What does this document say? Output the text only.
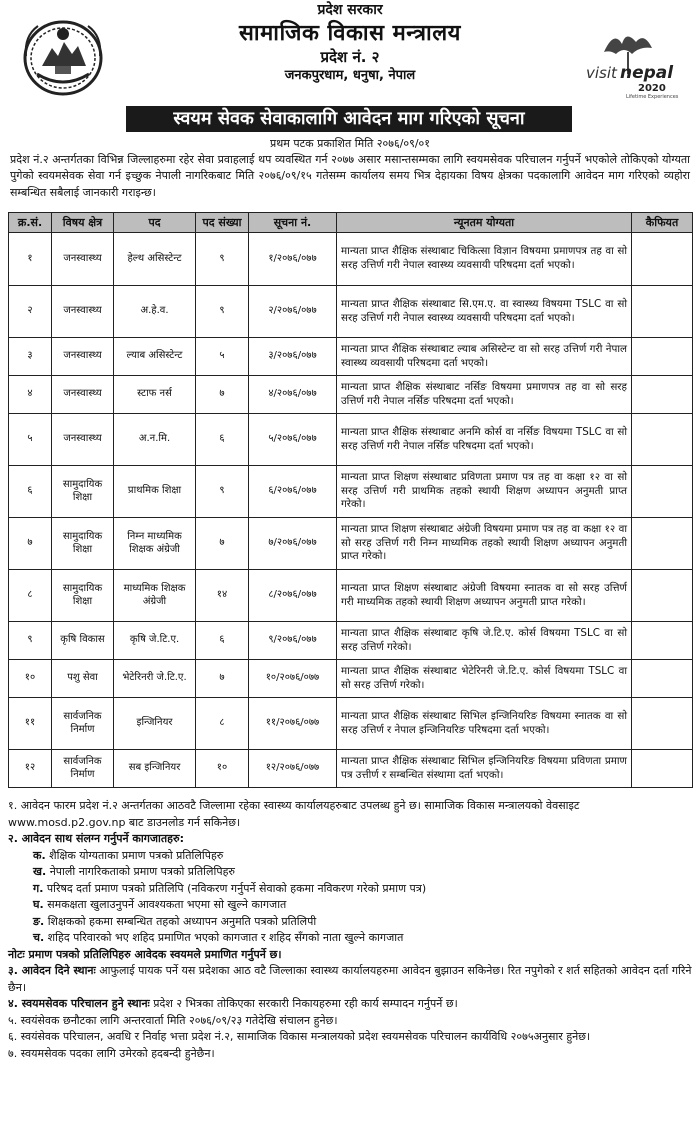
प्रदेश सरकार
सामाजिक विकास मन्त्रालय
प्रदेश नं. २
जनकपुरधाम, धनुषा, नेपाल	visit nepal
2020
Lifetime Experiences
स्वयम सेवक सेवाकालागि आवेदन माग गरिएको सूचना
प्रथम पटक प्रकाशित मिति २०७६/०९/०१

प्रदेश नं.२ अन्तर्गतका विभिन्न जिल्लाहरुमा रहेर सेवा प्रवाहलाई थप व्यवस्थित गर्न २०७७ असार मसान्तसम्मका लागि स्वयमसेवक परिचालन गर्नुपर्ने भएकोले तोकिएको योग्यता पुगेको स्वयमसेवक सेवा गर्न इच्छुक नेपाली नागरिकबाट मिति २०७६/०९/१५ गतेसम्म कार्यालय समय भित्र देहायका विषय क्षेत्रका पदकालागि आवेदन माग गरिएको व्यहोरा सम्बन्धित सबैलाई जानकारी गराइन्छ।

क्र.सं.	विषय क्षेत्र	पद	पद संख्या	सूचना नं.	न्यूनतम योग्यता	कैफियत
१	जनस्वास्थ्य	हेल्थ असिस्टेन्ट	९	१/२०७६/०७७	मान्यता प्राप्त शैक्षिक संस्थाबाट चिकित्सा विज्ञान विषयमा प्रमाणपत्र तह वा सो सरह उत्तिर्ण गरी नेपाल स्वास्थ्य व्यवसायी परिषदमा दर्ता भएको।	
२	जनस्वास्थ्य	अ.हे.व.	९	२/२०७६/०७७	मान्यता प्राप्त शैक्षिक संस्थाबाट सि.एम.ए. वा स्वास्थ्य विषयमा TSLC वा सो सरह उत्तिर्ण गरी नेपाल स्वास्थ्य व्यवसायी परिषदमा दर्ता भएको।	
३	जनस्वास्थ्य	ल्याब असिस्टेन्ट	५	३/२०७६/०७७	मान्यता प्राप्त शैक्षिक संस्थाबाट ल्याब असिस्टेन्ट वा सो सरह उत्तिर्ण गरी नेपाल स्वास्थ्य व्यवसायी परिषदमा दर्ता भएको।	
४	जनस्वास्थ्य	स्टाफ नर्स	७	४/२०७६/०७७	मान्यता प्राप्त शैक्षिक संस्थाबाट नर्सिङ विषयमा प्रमाणपत्र तह वा सो सरह उत्तिर्ण गरी नेपाल नर्सिङ परिषदमा दर्ता भएको।	
५	जनस्वास्थ्य	अ.न.मि.	६	५/२०७६/०७७	मान्यता प्राप्त शैक्षिक संस्थाबाट अनमि कोर्स वा नर्सिङ विषयमा TSLC वा सो सरह उत्तिर्ण गरी नेपाल नर्सिङ परिषदमा दर्ता भएको।	
६	सामुदायिक शिक्षा	प्राथमिक शिक्षा	९	६/२०७६/०७७	मान्यता प्राप्त शिक्षण संस्थाबाट प्रविणता प्रमाण पत्र तह वा कक्षा १२ वा सो सरह उत्तिर्ण गरी प्राथमिक तहको स्थायी शिक्षण अध्यापन अनुमती प्राप्त गरेको।	
७	सामुदायिक शिक्षा	निम्न माध्यमिक शिक्षक अंग्रेजी	७	७/२०७६/०७७	मान्यता प्राप्त शिक्षण संस्थाबाट अंग्रेजी विषयमा प्रमाण पत्र तह वा कक्षा १२ वा सो सरह उत्तिर्ण गरी निम्न माध्यमिक तहको स्थायी शिक्षण अध्यापन अनुमती प्राप्त गरेको।	
८	सामुदायिक शिक्षा	माध्यमिक शिक्षक अंग्रेजी	१४	८/२०७६/०७७	मान्यता प्राप्त शिक्षण संस्थाबाट अंग्रेजी विषयमा स्नातक वा सो सरह उत्तिर्ण गरी माध्यमिक तहको स्थायी शिक्षण अध्यापन अनुमती प्राप्त गरेको।	
९	कृषि विकास	कृषि जे.टि.ए.	६	९/२०७६/०७७	मान्यता प्राप्त शैक्षिक संस्थाबाट कृषि जे.टि.ए. कोर्स विषयमा TSLC वा सो सरह उत्तिर्ण गरेको।	
१०	पशु सेवा	भेटेरिनरी जे.टि.ए.	७	१०/२०७६/०७७	मान्यता प्राप्त शैक्षिक संस्थाबाट भेटेरिनरी जे.टि.ए. कोर्स विषयमा TSLC वा सो सरह उत्तिर्ण गरेको।	
११	सार्वजनिक निर्माण	इन्जिनियर	८	११/२०७६/०७७	मान्यता प्राप्त शैक्षिक संस्थाबाट सिभिल इन्जिनियरिङ विषयमा स्नातक वा सो सरह उत्तिर्ण र नेपाल इन्जिनियरिङ परिषदमा दर्ता भएको।	
१२	सार्वजनिक निर्माण	सब इन्जिनियर	१०	१२/२०७६/०७७	मान्यता प्राप्त शैक्षिक संस्थाबाट सिभिल इन्जिनियरिङ विषयमा प्रविणता प्रमाण पत्र उत्तीर्ण र सम्बन्धित संस्थामा दर्ता भएको।	
१. आवेदन फारम प्रदेश नं.२ अन्तर्गतका आठवटै जिल्लामा रहेका स्वास्थ्य कार्यालयहरुबाट उपलब्ध हुने छ। सामाजिक विकास मन्त्रालयको वेवसाइट www.mosd.p2.gov.np बाट डाउनलोड गर्न सकिनेछ।
२. आवेदन साथ संलग्न गर्नुपर्ने कागजातहरु:
क. शैक्षिक योग्यताका प्रमाण पत्रको प्रतिलिपिहरु
ख. नेपाली नागरिकताको प्रमाण पत्रको प्रतिलिपिहरु
ग. परिषद दर्ता प्रमाण पत्रको प्रतिलिपि (नविकरण गर्नुपर्ने सेवाको हकमा नविकरण गरेको प्रमाण पत्र)
घ. समकक्षता खुलाउनुपर्ने आवश्यकता भएमा सो खुल्ने कागजात
ङ. शिक्षकको हकमा सम्बन्धित तहको अध्यापन अनुमति पत्रको प्रतिलिपी
च. शहिद परिवारको भए शहिद प्रमाणित भएको कागजात र शहिद सँगको नाता खुल्ने कागजात
नोटः प्रमाण पत्रको प्रतिलिपिहरु आवेदक स्वयमले प्रमाणित गर्नुपर्ने छ।
३. आवेदन दिने स्थानः आफुलाई पायक पर्ने यस प्रदेशका आठ वटै जिल्लाका स्वास्थ्य कार्यालयहरुमा आवेदन बुझाउन सकिनेछ। रित नपुगेको र शर्त सहितको आवेदन दर्ता गरिने छैन।
४. स्वयमसेवक परिचालन हुने स्थानः प्रदेश २ भित्रका तोकिएका सरकारी निकायहरुमा रही कार्य सम्पादन गर्नुपर्ने छ।
५. स्वयंसेवक छनौटका लागि अन्तरवार्ता मिति २०७६/०९/२३ गतेदेखि संचालन हुनेछ।
६. स्वयंसेवक परिचालन, अवधि र निर्वाह भत्ता प्रदेश नं.२, सामाजिक विकास मन्त्रालयको प्रदेश स्वयमसेवक परिचालन कार्यविधि २०७५अनुसार हुनेछ।
७. स्वयमसेवक पदका लागि उमेरको हदबन्दी हुनेछैन।
